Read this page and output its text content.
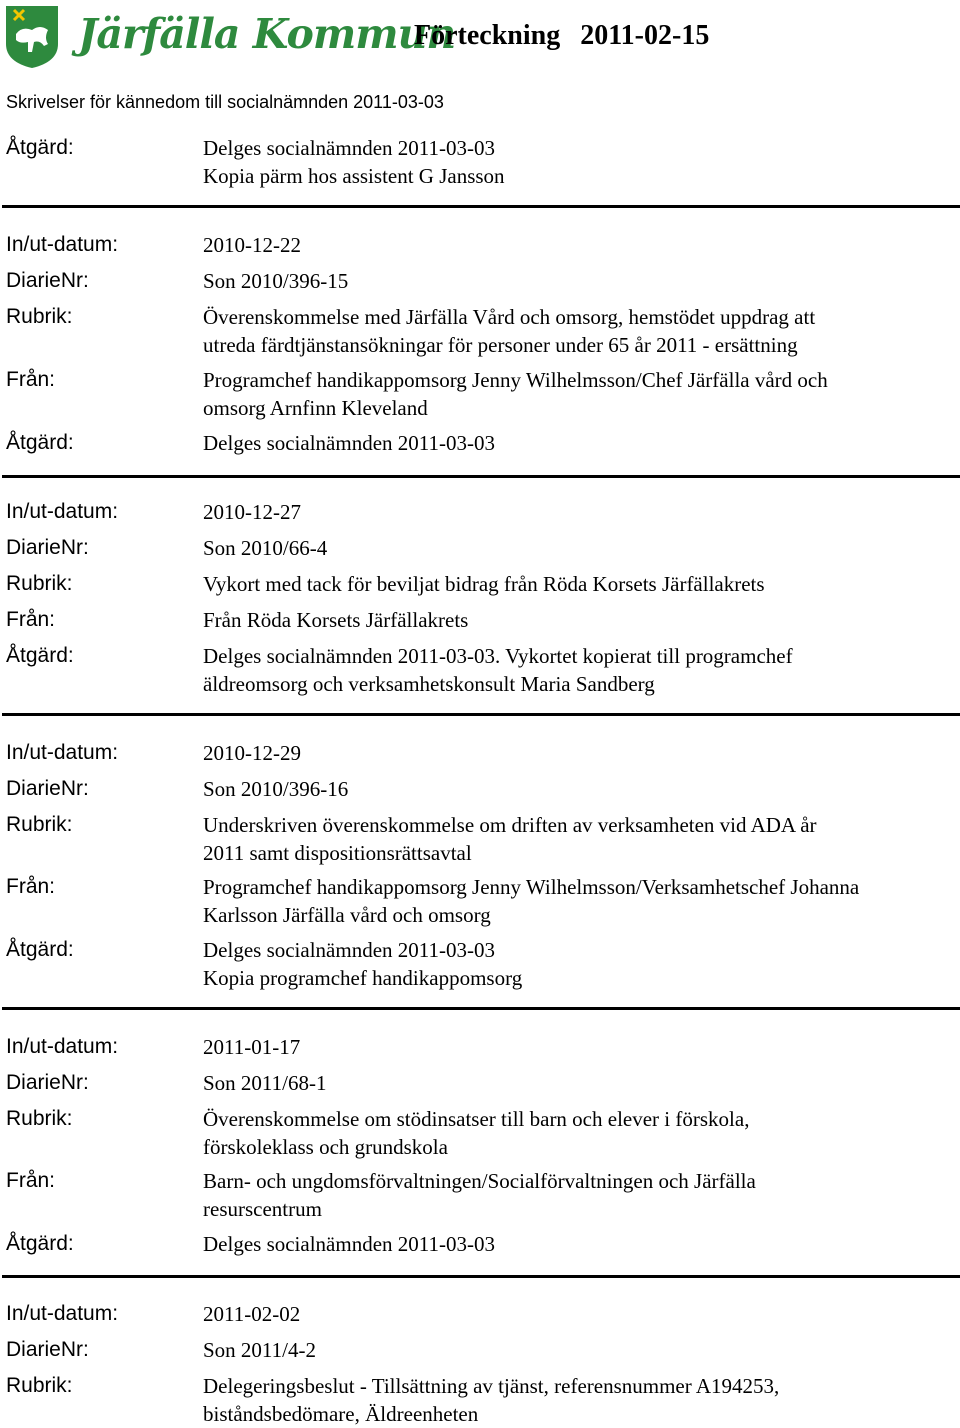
Järfälla Kommun
Förteckning 2011-02-15
Skrivelser för kännedom till socialnämnden 2011-03-03
Åtgärd:	Delges socialnämnden 2011-03-03
Kopia pärm hos assistent G Jansson
In/ut-datum:	2010-12-22
DiarieNr:	Son 2010/396-15
Rubrik:	Överenskommelse med Järfälla Vård och omsorg, hemstödet uppdrag att
utreda färdtjänstansökningar för personer under 65 år 2011 - ersättning
Från:	Programchef handikappomsorg Jenny Wilhelmsson/Chef Järfälla vård och
omsorg Arnfinn Kleveland
Åtgärd:	Delges socialnämnden 2011-03-03
In/ut-datum:	2010-12-27
DiarieNr:	Son 2010/66-4
Rubrik:	Vykort med tack för beviljat bidrag från Röda Korsets Järfällakrets
Från:	Från Röda Korsets Järfällakrets
Åtgärd:	Delges socialnämnden 2011-03-03. Vykortet kopierat till programchef
äldreomsorg och verksamhetskonsult Maria Sandberg
In/ut-datum:	2010-12-29
DiarieNr:	Son 2010/396-16
Rubrik:	Underskriven överenskommelse om driften av verksamheten vid ADA år
2011 samt dispositionsrättsavtal
Från:	Programchef handikappomsorg Jenny Wilhelmsson/Verksamhetschef Johanna
Karlsson Järfälla vård och omsorg
Åtgärd:	Delges socialnämnden 2011-03-03
Kopia programchef handikappomsorg
In/ut-datum:	2011-01-17
DiarieNr:	Son 2011/68-1
Rubrik:	Överenskommelse om stödinsatser till barn och elever i förskola,
förskoleklass och grundskola
Från:	Barn- och ungdomsförvaltningen/Socialförvaltningen och Järfälla
resurscentrum
Åtgärd:	Delges socialnämnden 2011-03-03
In/ut-datum:	2011-02-02
DiarieNr:	Son 2011/4-2
Rubrik:	Delegeringsbeslut - Tillsättning av tjänst, referensnummer A194253,
biståndsbedömare, Äldreenheten
